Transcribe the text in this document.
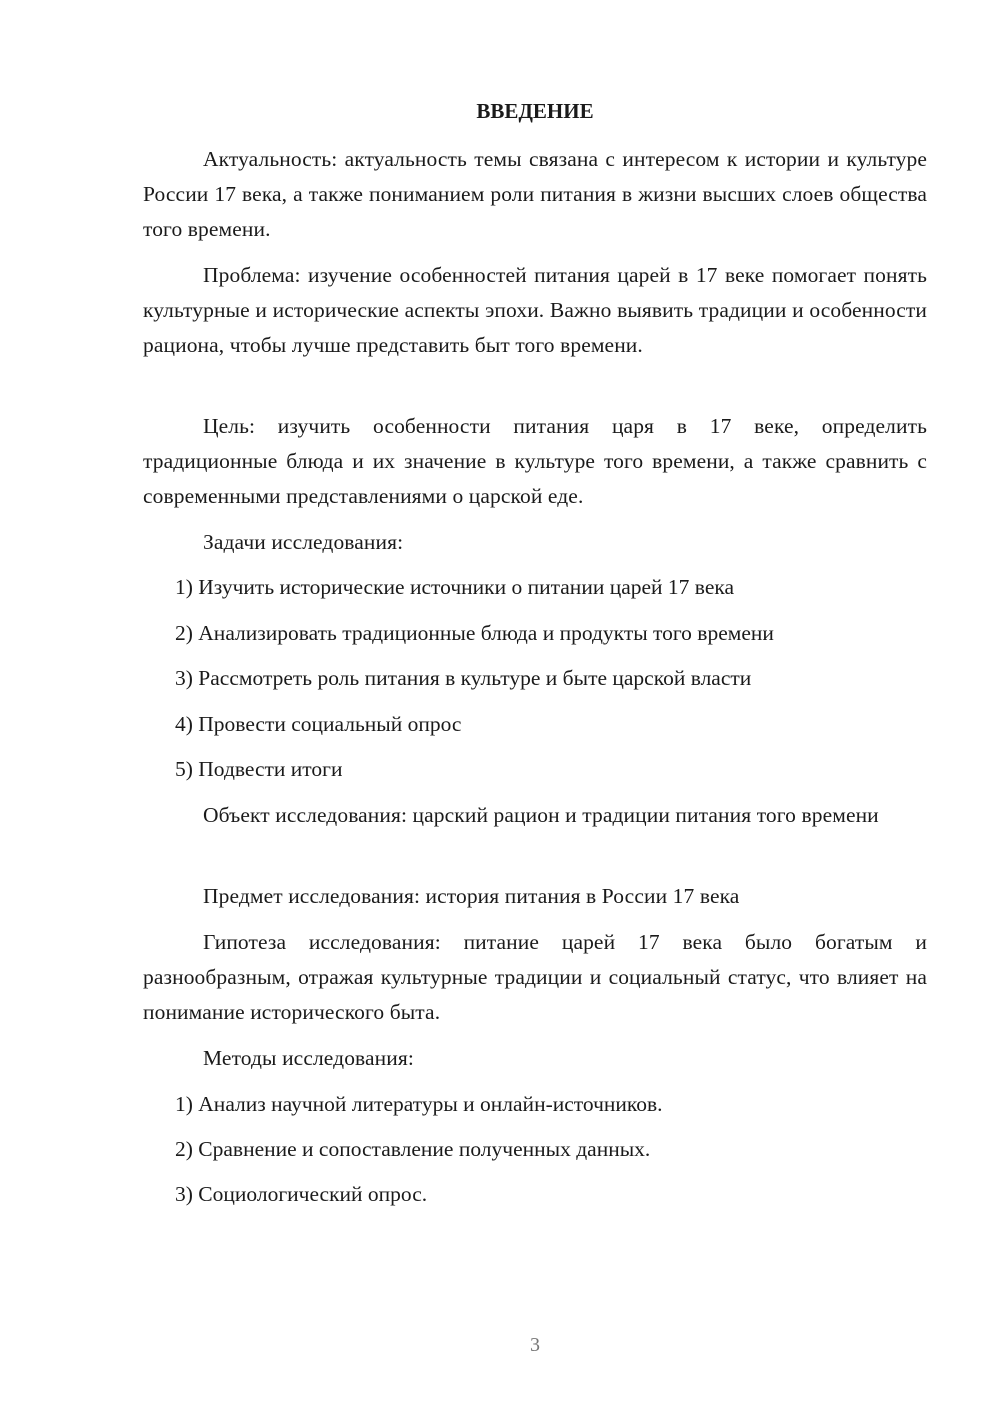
ВВЕДЕНИЕ

Актуальность: актуальность темы связана с интересом к истории и культуре России 17 века, а также пониманием роли питания в жизни высших слоев общества того времени.

Проблема: изучение особенностей питания царей в 17 веке помогает понять культурные и исторические аспекты эпохи. Важно выявить традиции и особенности рациона, чтобы лучше представить быт того времени.

Цель: изучить особенности питания царя в 17 веке, определить традиционные блюда и их значение в культуре того времени, а также сравнить с современными представлениями о царской еде.

Задачи исследования:

1) Изучить исторические источники о питании царей 17 века

2) Анализировать традиционные блюда и продукты того времени

3) Рассмотреть роль питания в культуре и быте царской власти

4) Провести социальный опрос

5) Подвести итоги

Объект исследования: царский рацион и традиции питания того времени

Предмет исследования: история питания в России 17 века

Гипотеза исследования: питание царей 17 века было богатым и разнообразным, отражая культурные традиции и социальный статус, что влияет на понимание исторического быта.

Методы исследования:

1) Анализ научной литературы и онлайн-источников.

2) Сравнение и сопоставление полученных данных.

3) Социологический опрос.

3
